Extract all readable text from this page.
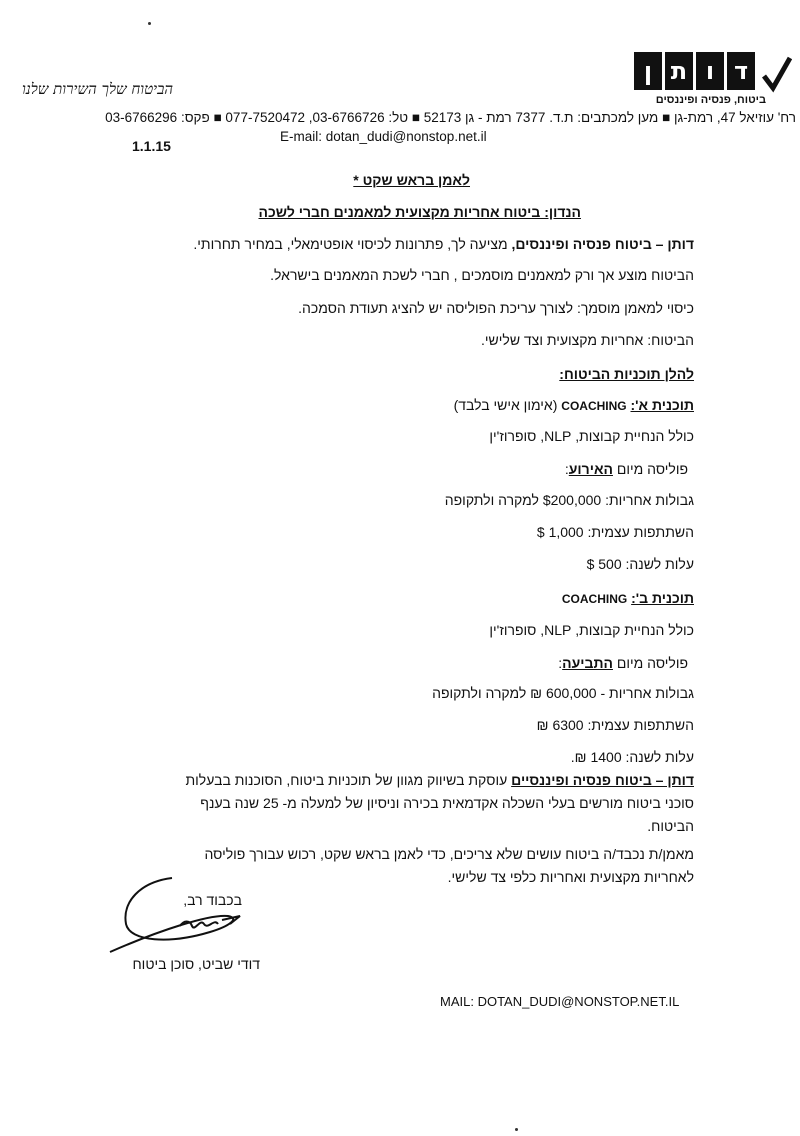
ן ת ו ד
ביטוח, פנסיה ופיננסים
הביטוח שלך השירות שלנו
רח' עוזיאל 47, רמת-גן ■ מען למכתבים: ת.ד. 7377 רמת - גן 52173 ■ טל: 03-6766726, 077-7520472 ■ פקס: 03-6766296
E-mail: dotan_dudi@nonstop.net.il
1.1.15
לאמן בראש שקט *
הנדון: ביטוח אחריות מקצועית למאמנים חברי לשכה
דותן – ביטוח פנסיה ופיננסים, מציעה לך, פתרונות לכיסוי אופטימאלי, במחיר תחרותי.
הביטוח מוצע אך ורק למאמנים מוסמכים , חברי לשכת המאמנים בישראל.
כיסוי למאמן מוסמך: לצורך עריכת הפוליסה יש להציג תעודת הסמכה.
הביטוח: אחריות מקצועית וצד שלישי.
להלן תוכניות הביטוח:
תוכנית א': COACHING (אימון אישי בלבד)
כולל הנחיית קבוצות, NLP, סופרוז'ין
פוליסה מיום האירוע:
גבולות אחריות: $200,000 למקרה ולתקופה
השתתפות עצמית: 1,000 $
עלות לשנה: 500 $
תוכנית ב': COACHING
כולל הנחיית קבוצות, NLP, סופרוז'ין
פוליסה מיום התביעה:
גבולות אחריות - 600,000 ₪ למקרה ולתקופה
השתתפות עצמית: 6300 ₪
עלות לשנה: 1400 ₪.
דותן – ביטוח פנסיה ופיננסיים עוסקת בשיווק מגוון של תוכניות ביטוח, הסוכנות בבעלות
סוכני ביטוח מורשים בעלי השכלה אקדמאית בכירה וניסיון של למעלה מ- 25 שנה בענף
הביטוח.
מאמן/ת נכבד/ה ביטוח עושים שלא צריכים, כדי לאמן בראש שקט, רכוש עבורך פוליסה
לאחריות מקצועית ואחריות כלפי צד שלישי.
בכבוד רב,
דודי שביט, סוכן ביטוח
MAIL: DOTAN_DUDI@NONSTOP.NET.IL
